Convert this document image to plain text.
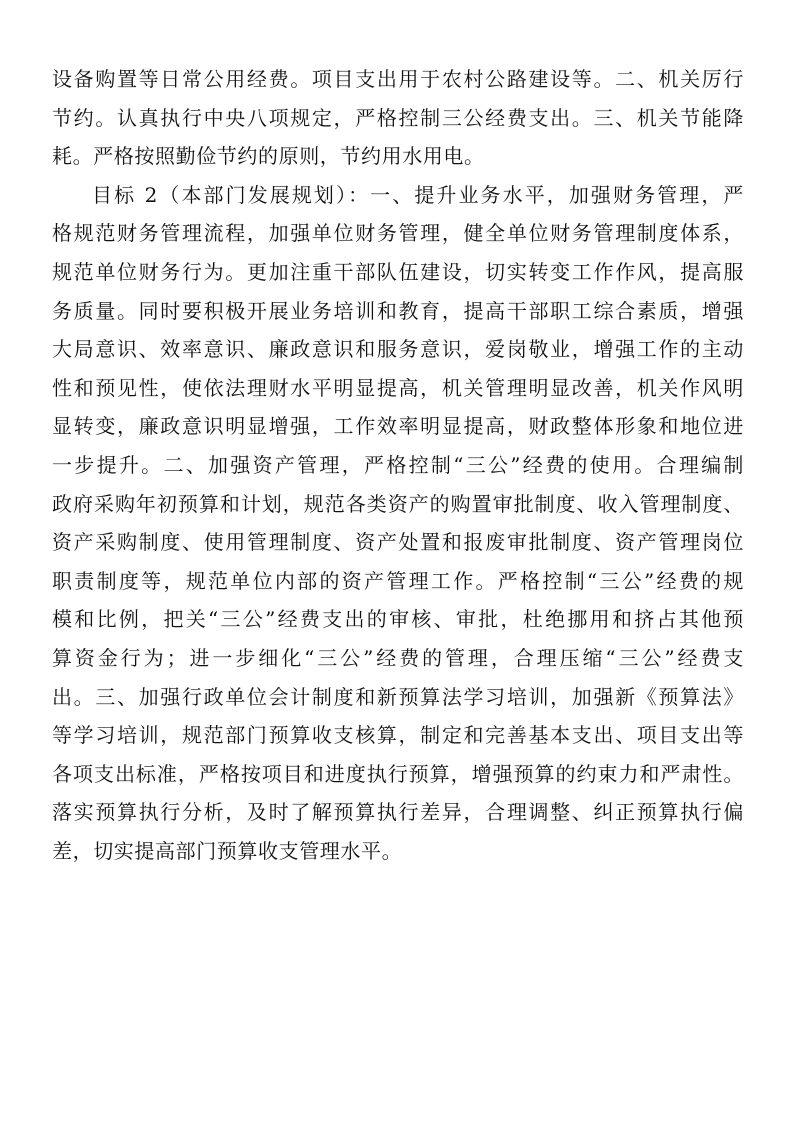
设备购置等日常公用经费。项目支出用于农村公路建设等。二、机关厉行
节约。认真执行中央八项规定，严格控制三公经费支出。三、机关节能降
耗。严格按照勤俭节约的原则，节约用水用电。
目标 2（本部门发展规划）：一、提升业务水平，加强财务管理，严
格规范财务管理流程，加强单位财务管理，健全单位财务管理制度体系，
规范单位财务行为。更加注重干部队伍建设，切实转变工作作风，提高服
务质量。同时要积极开展业务培训和教育，提高干部职工综合素质，增强
大局意识、效率意识、廉政意识和服务意识，爱岗敬业，增强工作的主动
性和预见性，使依法理财水平明显提高，机关管理明显改善，机关作风明
显转变，廉政意识明显增强，工作效率明显提高，财政整体形象和地位进
一步提升。二、加强资产管理，严格控制“三公”经费的使用。合理编制
政府采购年初预算和计划，规范各类资产的购置审批制度、收入管理制度、
资产采购制度、使用管理制度、资产处置和报废审批制度、资产管理岗位
职责制度等，规范单位内部的资产管理工作。严格控制“三公”经费的规
模和比例，把关“三公”经费支出的审核、审批，杜绝挪用和挤占其他预
算资金行为；进一步细化“三公”经费的管理，合理压缩“三公”经费支
出。三、加强行政单位会计制度和新预算法学习培训，加强新《预算法》
等学习培训，规范部门预算收支核算，制定和完善基本支出、项目支出等
各项支出标准，严格按项目和进度执行预算，增强预算的约束力和严肃性。
落实预算执行分析，及时了解预算执行差异，合理调整、纠正预算执行偏
差，切实提高部门预算收支管理水平。
